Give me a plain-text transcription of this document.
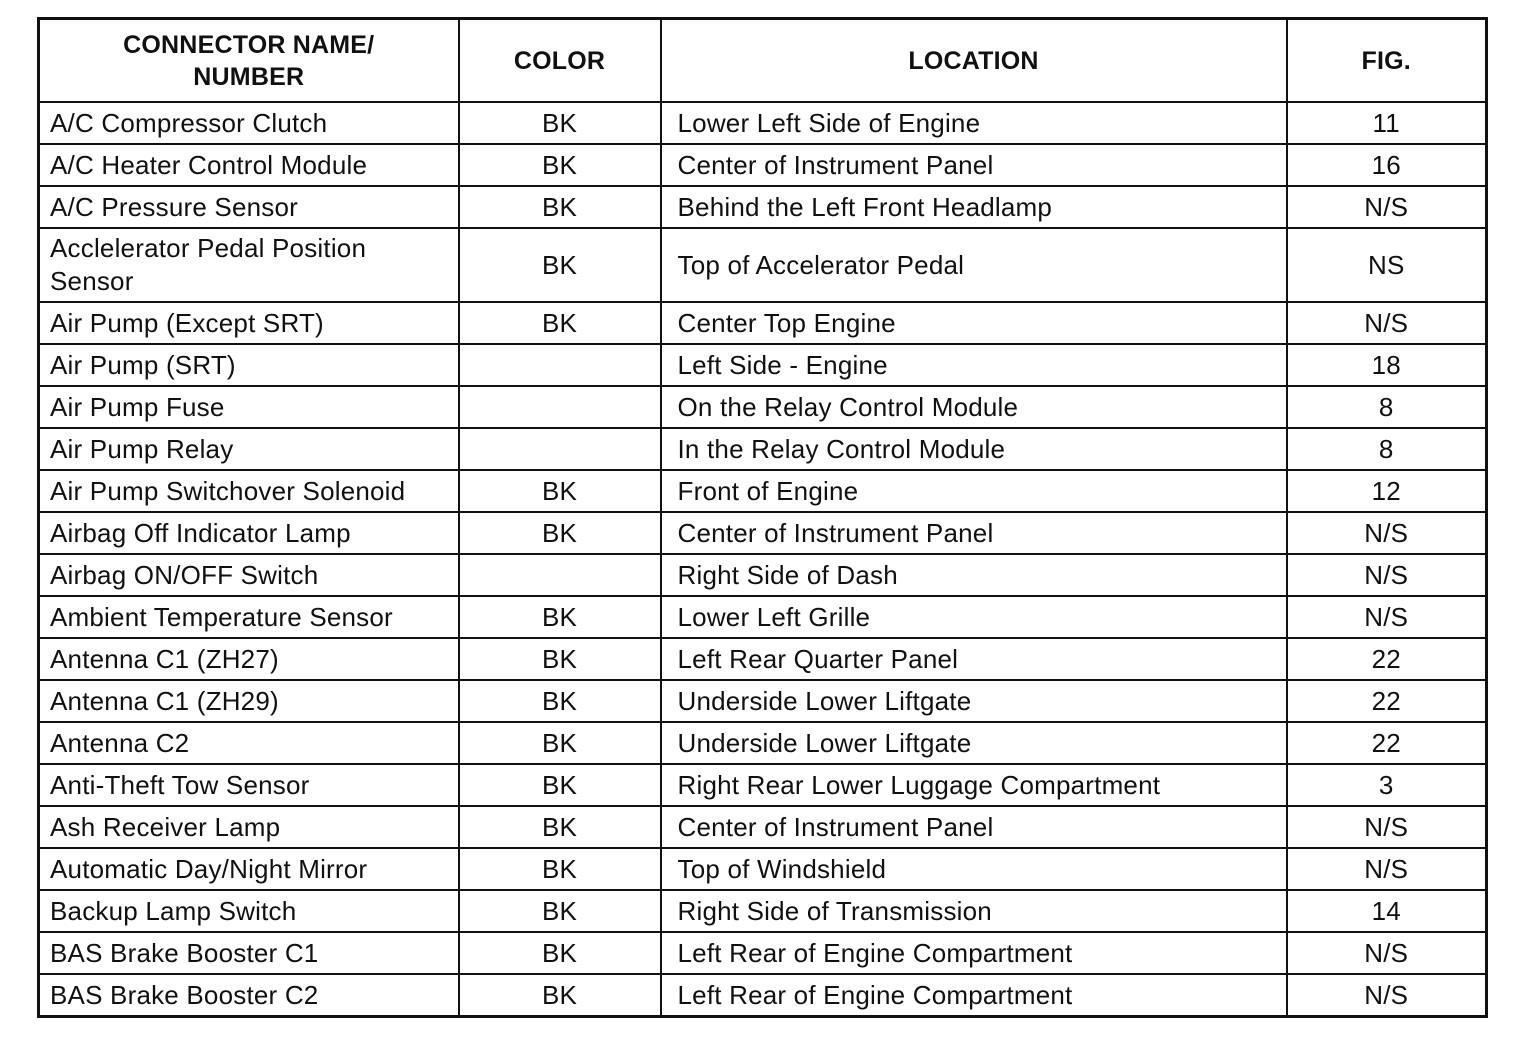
CONNECTOR NAME/
NUMBER	COLOR	LOCATION	FIG.
A/C Compressor Clutch	BK	Lower Left Side of Engine	11
A/C Heater Control Module	BK	Center of Instrument Panel	16
A/C Pressure Sensor	BK	Behind the Left Front Headlamp	N/S
Acclelerator Pedal Position Sensor	BK	Top of Accelerator Pedal	NS
Air Pump (Except SRT)	BK	Center Top Engine	N/S
Air Pump (SRT)		Left Side - Engine	18
Air Pump Fuse		On the Relay Control Module	8
Air Pump Relay		In the Relay Control Module	8
Air Pump Switchover Solenoid	BK	Front of Engine	12
Airbag Off Indicator Lamp	BK	Center of Instrument Panel	N/S
Airbag ON/OFF Switch		Right Side of Dash	N/S
Ambient Temperature Sensor	BK	Lower Left Grille	N/S
Antenna C1 (ZH27)	BK	Left Rear Quarter Panel	22
Antenna C1 (ZH29)	BK	Underside Lower Liftgate	22
Antenna C2	BK	Underside Lower Liftgate	22
Anti-Theft Tow Sensor	BK	Right Rear Lower Luggage Compartment	3
Ash Receiver Lamp	BK	Center of Instrument Panel	N/S
Automatic Day/Night Mirror	BK	Top of Windshield	N/S
Backup Lamp Switch	BK	Right Side of Transmission	14
BAS Brake Booster C1	BK	Left Rear of Engine Compartment	N/S
BAS Brake Booster C2	BK	Left Rear of Engine Compartment	N/S
